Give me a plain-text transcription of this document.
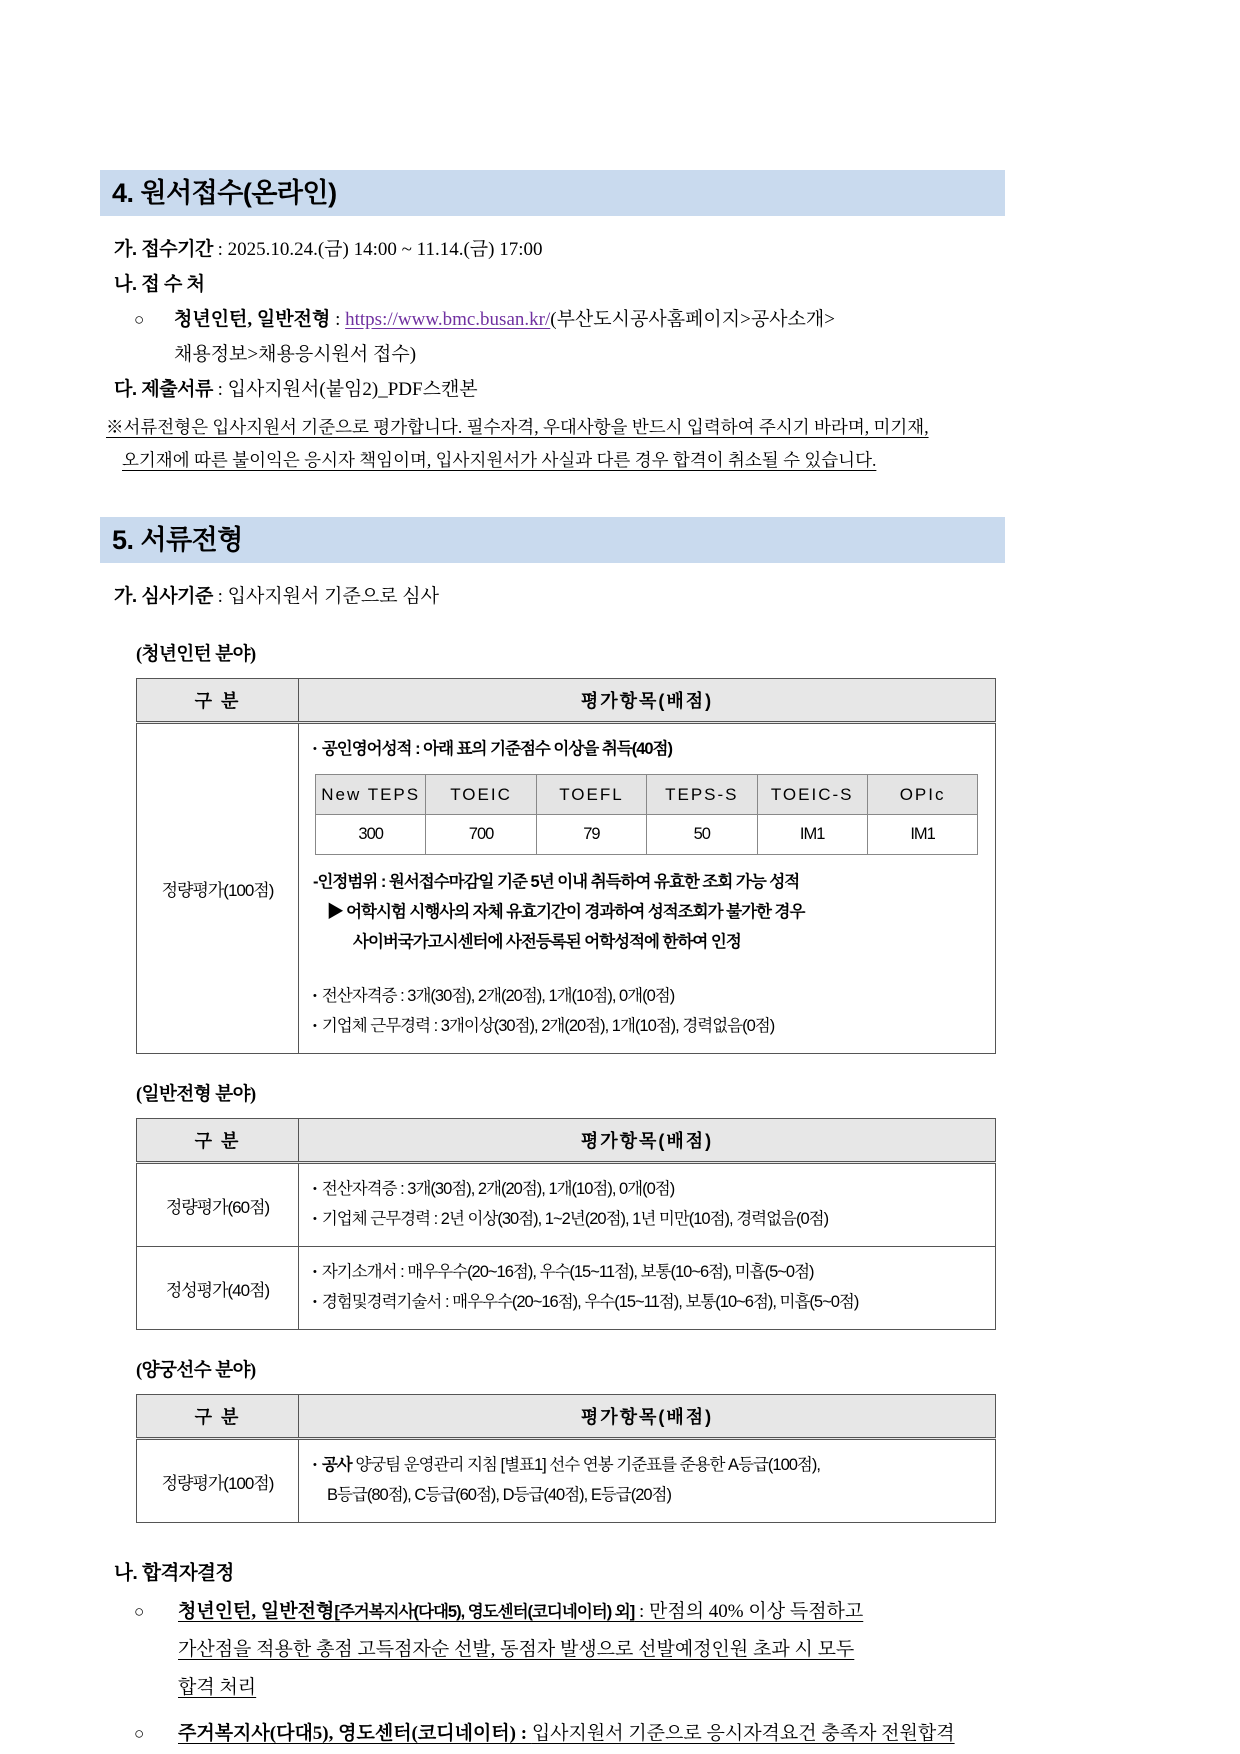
4. 원서접수(온라인)
가. 접수기간 : 2025.10.24.(금) 14:00 ~ 11.14.(금) 17:00
나. 접 수 처
○	청년인턴, 일반전형 : https://www.bmc.busan.kr/(부산도시공사홈페이지>공사소개>
채용정보>채용응시원서 접수)
다. 제출서류 : 입사지원서(붙임2)_PDF스캔본
※서류전형은 입사지원서 기준으로 평가합니다. 필수자격, 우대사항을 반드시 입력하여 주시기 바라며, 미기재,
오기재에 따른 불이익은 응시자 책임이며, 입사지원서가 사실과 다른 경우 합격이 취소될 수 있습니다.
5. 서류전형
가. 심사기준 : 입사지원서 기준으로 심사
(청년인턴 분야)
구 분	평가항목(배점)
정량평가(100점)	
• 공인영어성적 : 아래 표의 기준점수 이상을 취득(40점)
New TEPS	TOEIC	TOEFL	TEPS-S	TOEIC-S	OPIc
300	700	79	50	IM1	IM1
-인정범위 : 원서접수마감일 기준 5년 이내 취득하여 유효한 조회 가능 성적
▶ 어학시험 시행사의 자체 유효기간이 경과하여 성적조회가 불가한 경우
사이버국가고시센터에 사전등록된 어학성적에 한하여 인정
• 전산자격증 : 3개(30점), 2개(20점), 1개(10점), 0개(0점)
• 기업체 근무경력 : 3개이상(30점), 2개(20점), 1개(10점), 경력없음(0점)
(일반전형 분야)
구 분	평가항목(배점)
정량평가(60점)	• 전산자격증 : 3개(30점), 2개(20점), 1개(10점), 0개(0점)
• 기업체 근무경력 : 2년 이상(30점), 1~2년(20점), 1년 미만(10점), 경력없음(0점)

정성평가(40점)	• 자기소개서 : 매우우수(20~16점), 우수(15~11점), 보통(10~6점), 미흡(5~0점)
• 경험및경력기술서 : 매우우수(20~16점), 우수(15~11점), 보통(10~6점), 미흡(5~0점)
(양궁선수 분야)
구 분	평가항목(배점)
정량평가(100점)	• 공사 양궁팀 운영관리 지침 [별표1] 선수 연봉 기준표를 준용한 A등급(100점),
B등급(80점), C등급(60점), D등급(40점), E등급(20점)
나. 합격자결정
○	청년인턴, 일반전형[주거복지사(다대5), 영도센터(코디네이터) 외] : 만점의 40% 이상 득점하고
가산점을 적용한 총점 고득점자순 선발, 동점자 발생으로 선발예정인원 초과 시 모두
합격 처리
○	주거복지사(다대5), 영도센터(코디네이터) : 입사지원서 기준으로 응시자격요건 충족자 전원합격
